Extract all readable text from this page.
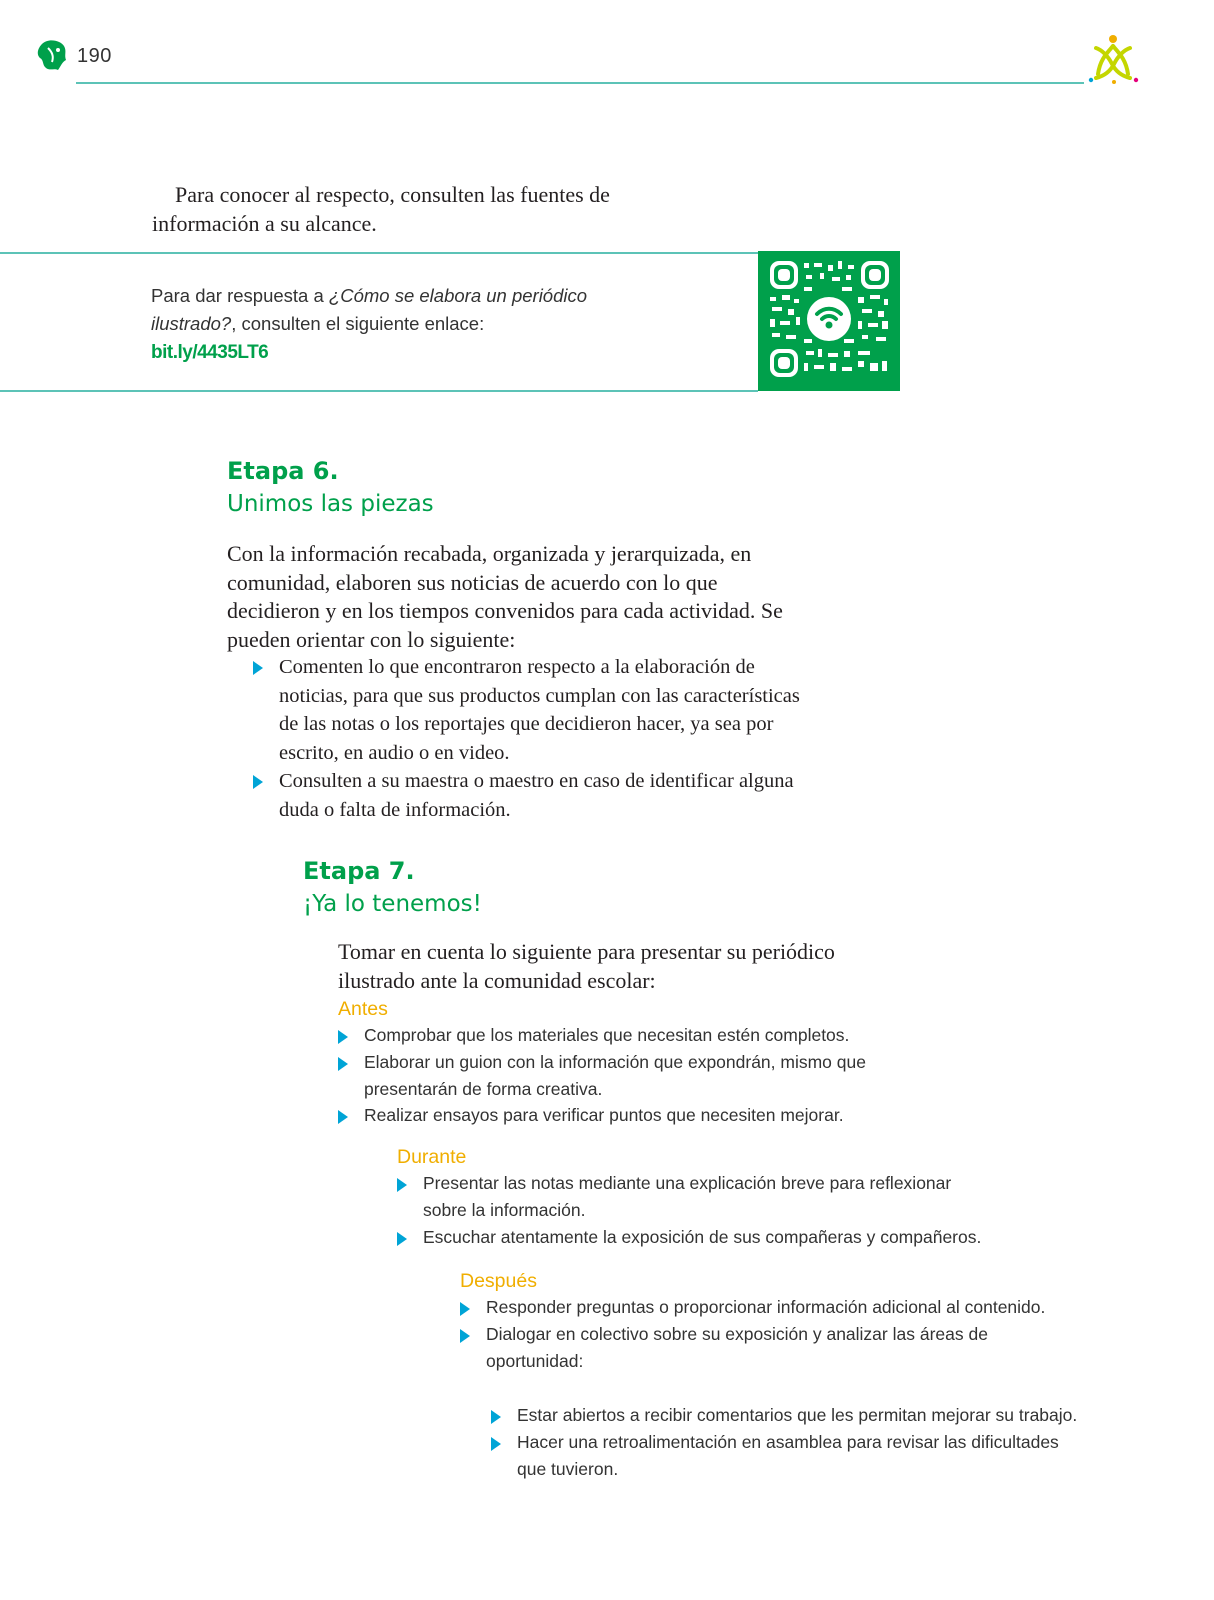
190

Para conocer al respecto, consulten las fuentes de información a su alcance.

Para dar respuesta a ¿Cómo se elabora un periódico ilustrado?, consulten el siguiente enlace:
bit.ly/4435LT6
Etapa 6.
Unimos las piezas

Con la información recabada, organizada y jerarquizada, en comunidad, elaboren sus noticias de acuerdo con lo que decidieron y en los tiempos convenidos para cada actividad. Se pueden orientar con lo siguiente:

Comenten lo que encontraron respecto a la elaboración de noticias, para que sus productos cumplan con las características de las notas o los reportajes que decidieron hacer, ya sea por escrito, en audio o en video.
Consulten a su maestra o maestro en caso de identificar alguna duda o falta de información.
Etapa 7.
¡Ya lo tenemos!

Tomar en cuenta lo siguiente para presentar su periódico ilustrado ante la comunidad escolar:

Antes

Comprobar que los materiales que necesitan estén completos.
Elaborar un guion con la información que expondrán, mismo que presentarán de forma creativa.
Realizar ensayos para verificar puntos que necesiten mejorar.

Durante

Presentar las notas mediante una explicación breve para reflexionar sobre la información.
Escuchar atentamente la exposición de sus compañeras y compañeros.

Después

Responder preguntas o proporcionar información adicional al contenido.
Dialogar en colectivo sobre su exposición y analizar las áreas de oportunidad:
Estar abiertos a recibir comentarios que les permitan mejorar su trabajo.
Hacer una retroalimentación en asamblea para revisar las dificultades que tuvieron.
